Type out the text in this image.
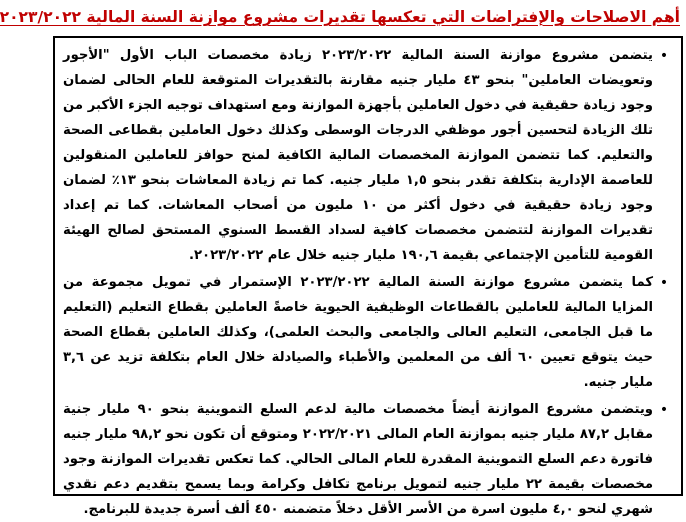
أهم الاصلاحات والإفتراضات التي تعكسها تقديرات مشروع موازنة السنة المالية ٢٠٢٣/٢٠٢٢
•

يتضمن مشروع موازنة السنة المالية ٢٠٢٣/٢٠٢٢ زيادة مخصصات الباب الأول "الأجور وتعويضات العاملين" بنحو ٤٣ مليار جنيه مقارنة بالتقديرات المتوقعة للعام الحالى لضمان وجود زيادة حقيقية في دخول العاملين بأجهزة الموازنة ومع استهداف توجيه الجزء الأكبر من تلك الزيادة لتحسين أجور موظفي الدرجات الوسطى وكذلك دخول العاملين بقطاعى الصحة والتعليم. كما تتضمن الموازنة المخصصات المالية الكافية لمنح حوافز للعاملين المنقولين للعاصمة الإدارية بتكلفة تقدر بنحو ١,٥ مليار جنيه. كما تم زيادة المعاشات بنحو ١٣٪ لضمان وجود زيادة حقيقية في دخول أكثر من ١٠ مليون من أصحاب المعاشات. كما تم إعداد تقديرات الموازنة لتتضمن مخصصات كافية لسداد القسط السنوي المستحق لصالح الهيئة القومية للتأمين الإجتماعي بقيمة ١٩٠,٦ مليار جنيه خلال عام ٢٠٢٣/٢٠٢٢.

•

كما يتضمن مشروع موازنة السنة المالية ٢٠٢٣/٢٠٢٢ الإستمرار في تمويل مجموعة من المزايا المالية للعاملين بالقطاعات الوظيفية الحيوية خاصةً العاملين بقطاع التعليم (التعليم ما قبل الجامعى، التعليم العالى والجامعى والبحث العلمى)، وكذلك العاملين بقطاع الصحة حيث يتوقع تعيين ٦٠ ألف من المعلمين والأطباء والصيادلة خلال العام بتكلفة تزيد عن ٣,٦ مليار جنيه.

•

ويتضمن مشروع الموازنة أيضاً مخصصات مالية لدعم السلع التموينية بنحو ٩٠ مليار جنية مقابل ٨٧,٢ مليار جنيه بموازنة العام المالى ٢٠٢٢/٢٠٢١ ومتوقع أن تكون نحو ٩٨,٢ مليار جنيه فاتورة دعم السلع التموينية المقدرة للعام المالى الحالي. كما تعكس تقديرات الموازنة وجود مخصصات بقيمة ٢٢ مليار جنيه لتمويل برنامج تكافل وكرامة وبما يسمح بتقديم دعم نقدي شهري لنحو ٤,٠ مليون اسرة من الأسر الأقل دخلاً متضمنه ٤٥٠ ألف أسرة جديدة للبرنامج.
